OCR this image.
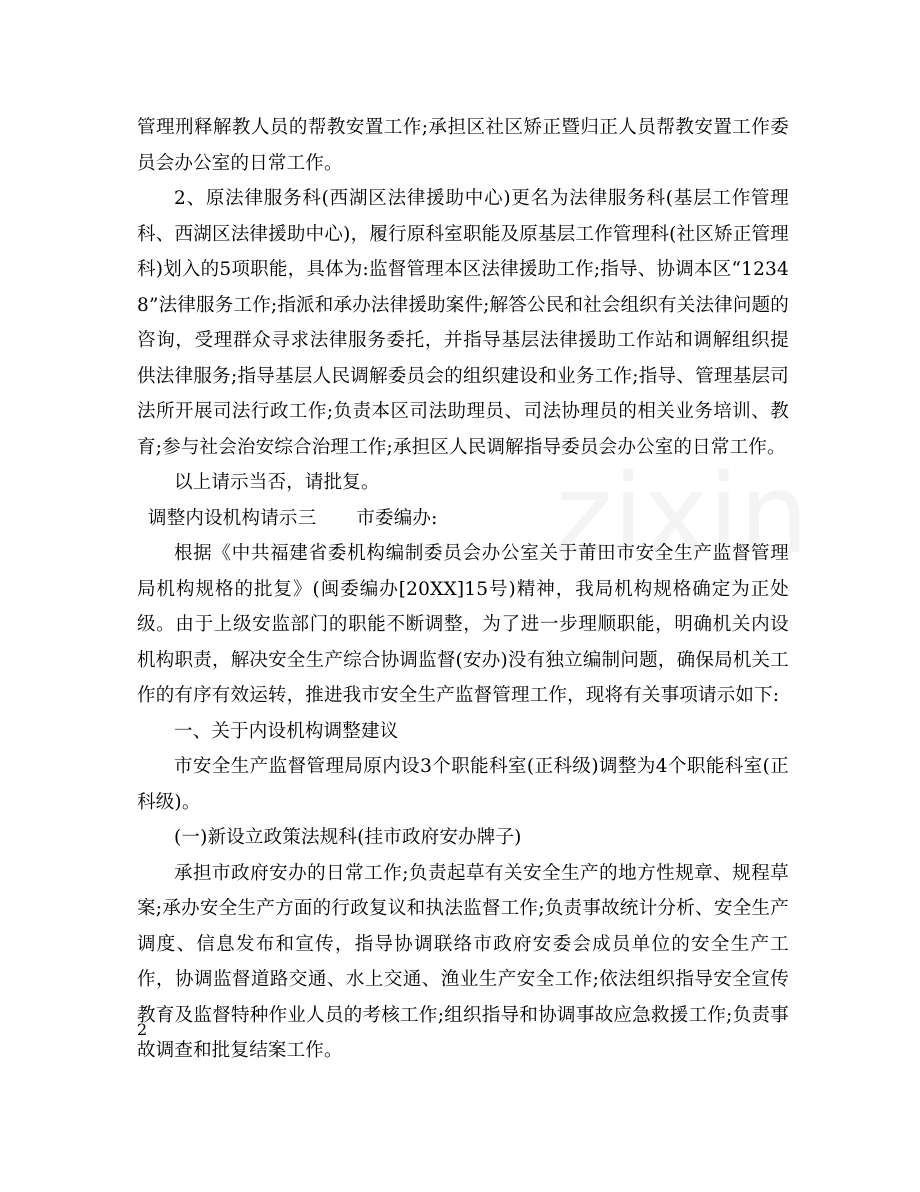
管理刑释解教人员的帮教安置工作;承担区社区矫正暨归正人员帮教安置工作委员会办公室的日常工作。

2、原法律服务科(西湖区法律援助中心)更名为法律服务科(基层工作管理科、西湖区法律援助中心)，履行原科室职能及原基层工作管理科(社区矫正管理科)划入的5项职能，具体为:监督管理本区法律援助工作;指导、协调本区“12348”法律服务工作;指派和承办法律援助案件;解答公民和社会组织有关法律问题的咨询，受理群众寻求法律服务委托，并指导基层法律援助工作站和调解组织提供法律服务;指导基层人民调解委员会的组织建设和业务工作;指导、管理基层司法所开展司法行政工作;负责本区司法助理员、司法协理员的相关业务培训、教育;参与社会治安综合治理工作;承担区人民调解指导委员会办公室的日常工作。

以上请示当否，请批复。

调整内设机构请示三 市委编办:

根据《中共福建省委机构编制委员会办公室关于莆田市安全生产监督管理局机构规格的批复》(闽委编办[20XX]15号)精神，我局机构规格确定为正处级。由于上级安监部门的职能不断调整，为了进一步理顺职能，明确机关内设机构职责，解决安全生产综合协调监督(安办)没有独立编制问题，确保局机关工作的有序有效运转，推进我市安全生产监督管理工作，现将有关事项请示如下:

一、关于内设机构调整建议

市安全生产监督管理局原内设3个职能科室(正科级)调整为4个职能科室(正科级)。

(一)新设立政策法规科(挂市政府安办牌子)

承担市政府安办的日常工作;负责起草有关安全生产的地方性规章、规程草案;承办安全生产方面的行政复议和执法监督工作;负责事故统计分析、安全生产调度、信息发布和宣传，指导协调联络市政府安委会成员单位的安全生产工作，协调监督道路交通、水上交通、渔业生产安全工作;依法组织指导安全宣传教育及监督特种作业人员的考核工作;组织指导和协调事故应急救援工作;负责事故调查和批复结案工作。

2
